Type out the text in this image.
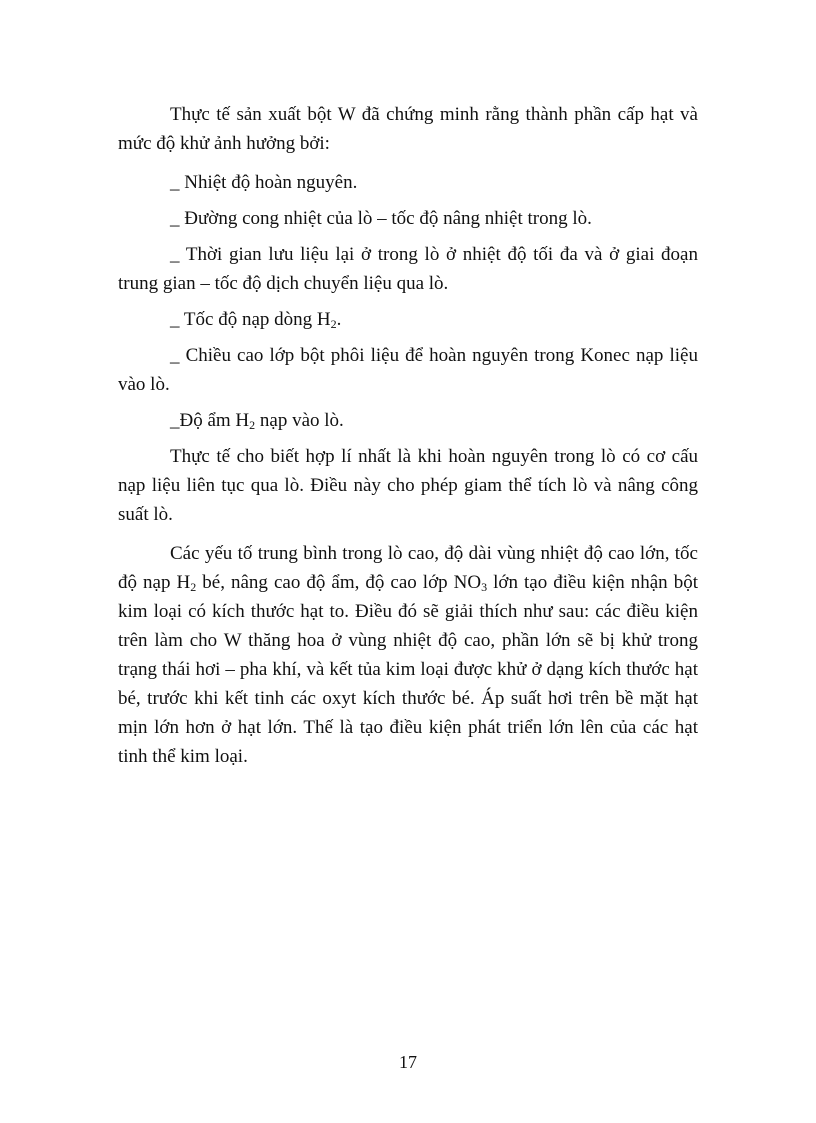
Thực tế sản xuất bột W đã chứng minh rằng thành phần cấp hạt và mức độ khử ảnh hưởng bởi:

_ Nhiệt độ hoàn nguyên.

_ Đường cong nhiệt của lò – tốc độ nâng nhiệt trong lò.

_ Thời gian lưu liệu lại ở trong lò ở nhiệt độ tối đa và ở giai đoạn trung gian – tốc độ dịch chuyển liệu qua lò.

_ Tốc độ nạp dòng $H_2$.

_ Chiều cao lớp bột phôi liệu để hoàn nguyên trong Konec nạp liệu vào lò.

_Độ ẩm $H_2$ nạp vào lò.

Thực tế cho biết hợp lí nhất là khi hoàn nguyên trong lò có cơ cấu nạp liệu liên tục qua lò. Điều này cho phép giam thể tích lò và nâng công suất lò.

Các yếu tố trung bình trong lò cao, độ dài vùng nhiệt độ cao lớn, tốc độ nạp $H_2$ bé, nâng cao độ ẩm, độ cao lớp $NO_3$ lớn tạo điều kiện nhận bột kim loại có kích thước hạt to. Điều đó sẽ giải thích như sau: các điều kiện trên làm cho W thăng hoa ở vùng nhiệt độ cao, phần lớn sẽ bị khử trong trạng thái hơi – pha khí, và kết tủa kim loại được khử ở dạng kích thước hạt bé, trước khi kết tinh các oxyt kích thước bé. Áp suất hơi trên bề mặt hạt mịn lớn hơn ở hạt lớn. Thế là tạo điều kiện phát triển lớn lên của các hạt tinh thể kim loại.

17
